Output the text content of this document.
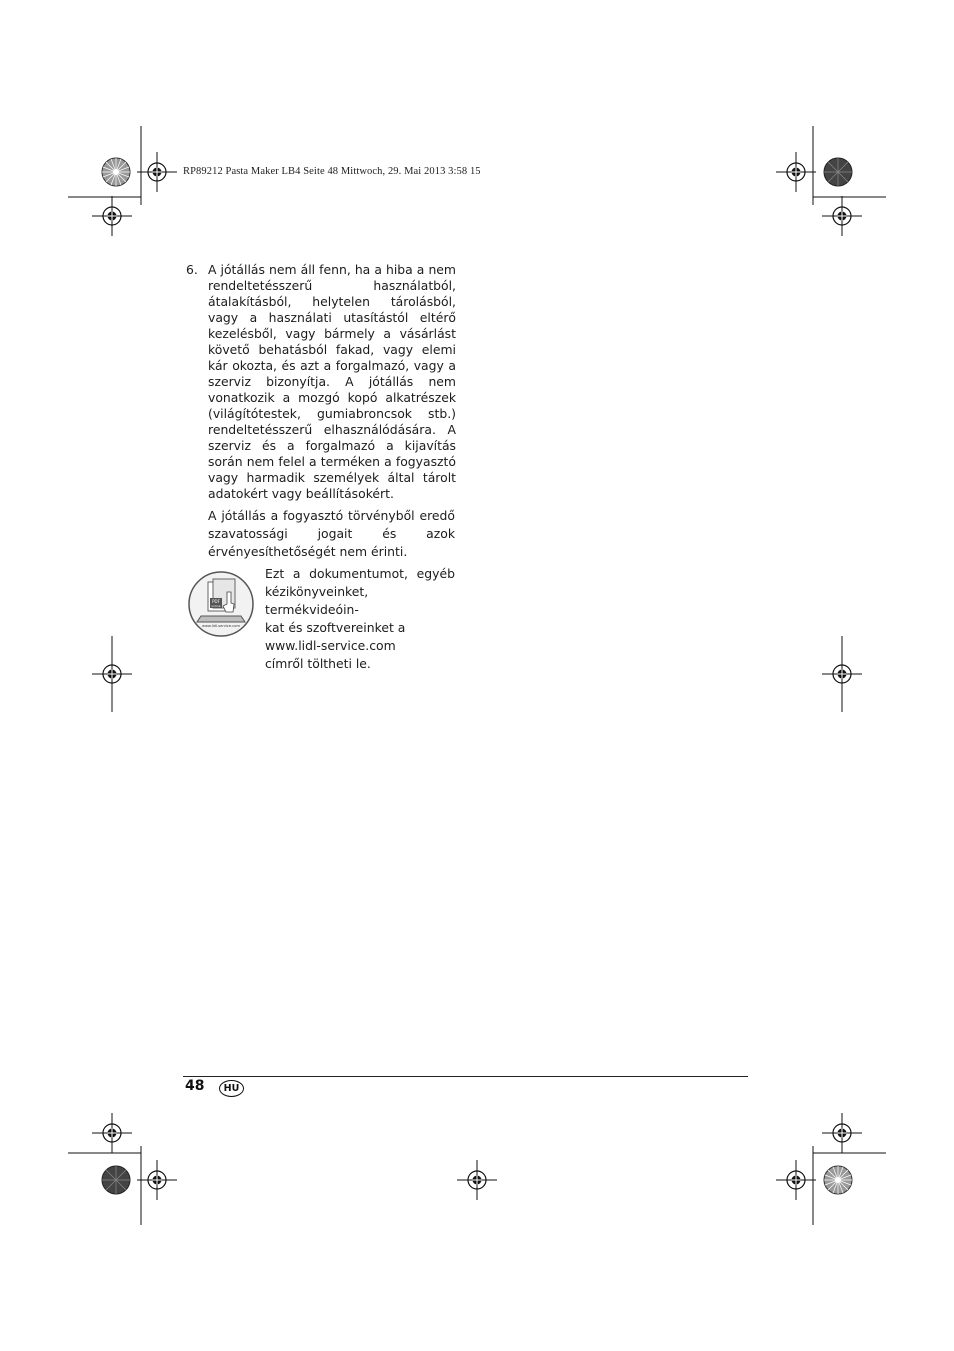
RP89212 Pasta Maker LB4 Seite 48 Mittwoch, 29. Mai 2013 3:58 15
6. A jótállás nem áll fenn, ha a hiba a nem rendeltetésszerű használatból, átalakításból, helytelen tárolásból, vagy a használati utasítástól eltérő kezelésből, vagy bármely a vásárlást követő behatásból fakad, vagy elemi kár okozta, és azt a forgalmazó, vagy a szerviz bizonyítja. A jótállás nem vonatkozik a mozgó kopó alkatrészek (világítótestek, gumiabroncsok stb.) rendeltetésszerű elhasználódására. A szerviz és a forgalmazó a kijavítás során nem felel a terméken a fogyasztó vagy harmadik személyek által tárolt adatokért vagy beállításokért.
A jótállás a fogyasztó törvényből eredő szavatossági jogait és azok érvényesíthetőségét nem érinti.
PDF
online
www.lidl-service.com
Ezt a dokumentumot, egyéb
kézikönyveinket, termékvideóin-
kat és szoftvereinket a
www.lidl-service.com
címről töltheti le.
48	HU
